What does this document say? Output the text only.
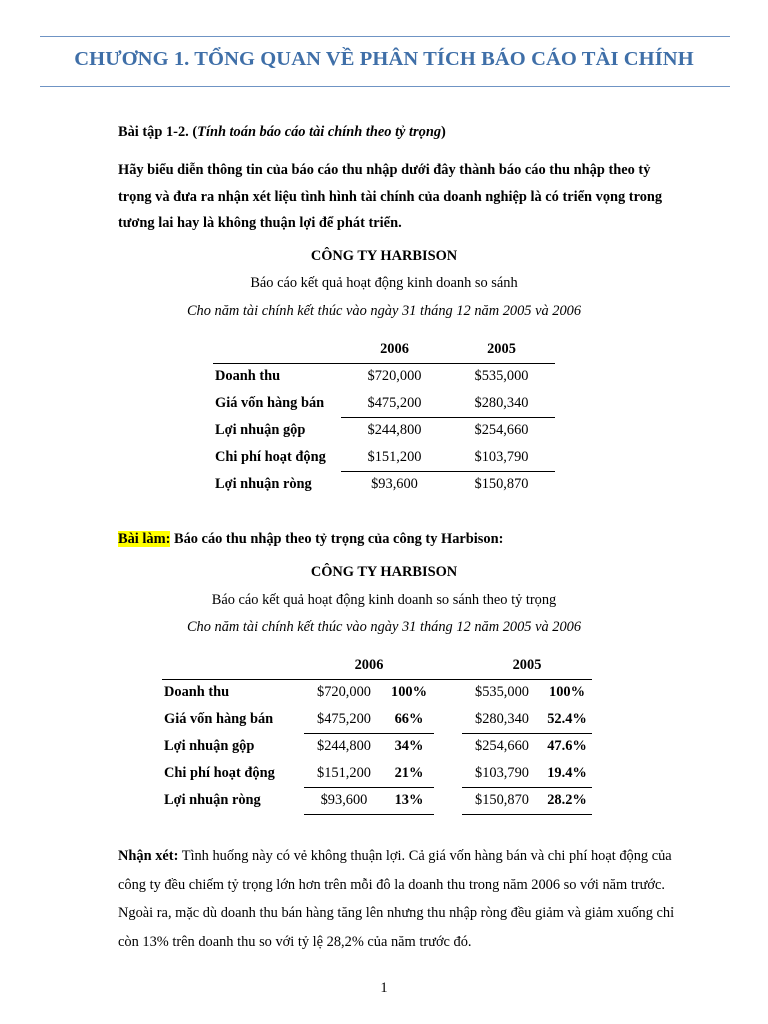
CHƯƠNG 1. TỔNG QUAN VỀ PHÂN TÍCH BÁO CÁO TÀI CHÍNH
Bài tập 1-2. (Tính toán báo cáo tài chính theo tỷ trọng)
Hãy biểu diễn thông tin của báo cáo thu nhập dưới đây thành báo cáo thu nhập theo tỷ trọng và đưa ra nhận xét liệu tình hình tài chính của doanh nghiệp là có triển vọng trong tương lai hay là không thuận lợi để phát triển.
CÔNG TY HARBISON
Báo cáo kết quả hoạt động kinh doanh so sánh
Cho năm tài chính kết thúc vào ngày 31 tháng 12 năm 2005 và 2006
	2006		2005
Doanh thu	$720,000		$535,000
Giá vốn hàng bán	$475,200		$280,340
Lợi nhuận gộp	$244,800		$254,660
Chi phí hoạt động	$151,200		$103,790
Lợi nhuận ròng	$93,600		$150,870
Bài làm: Báo cáo thu nhập theo tỷ trọng của công ty Harbison:
CÔNG TY HARBISON
Báo cáo kết quả hoạt động kinh doanh so sánh theo tỷ trọng
Cho năm tài chính kết thúc vào ngày 31 tháng 12 năm 2005 và 2006
	2006			2005	
Doanh thu	$720,000	100%		$535,000	100%
Giá vốn hàng bán	$475,200	66%		$280,340	52.4%
Lợi nhuận gộp	$244,800	34%		$254,660	47.6%
Chi phí hoạt động	$151,200	21%		$103,790	19.4%
Lợi nhuận ròng	$93,600	13%		$150,870	28.2%
Nhận xét: Tình huống này có vẻ không thuận lợi. Cả giá vốn hàng bán và chi phí hoạt động của công ty đều chiếm tỷ trọng lớn hơn trên mỗi đô la doanh thu trong năm 2006 so với năm trước. Ngoài ra, mặc dù doanh thu bán hàng tăng lên nhưng thu nhập ròng đều giảm và giảm xuống chỉ còn 13% trên doanh thu so với tỷ lệ 28,2% của năm trước đó.
1
